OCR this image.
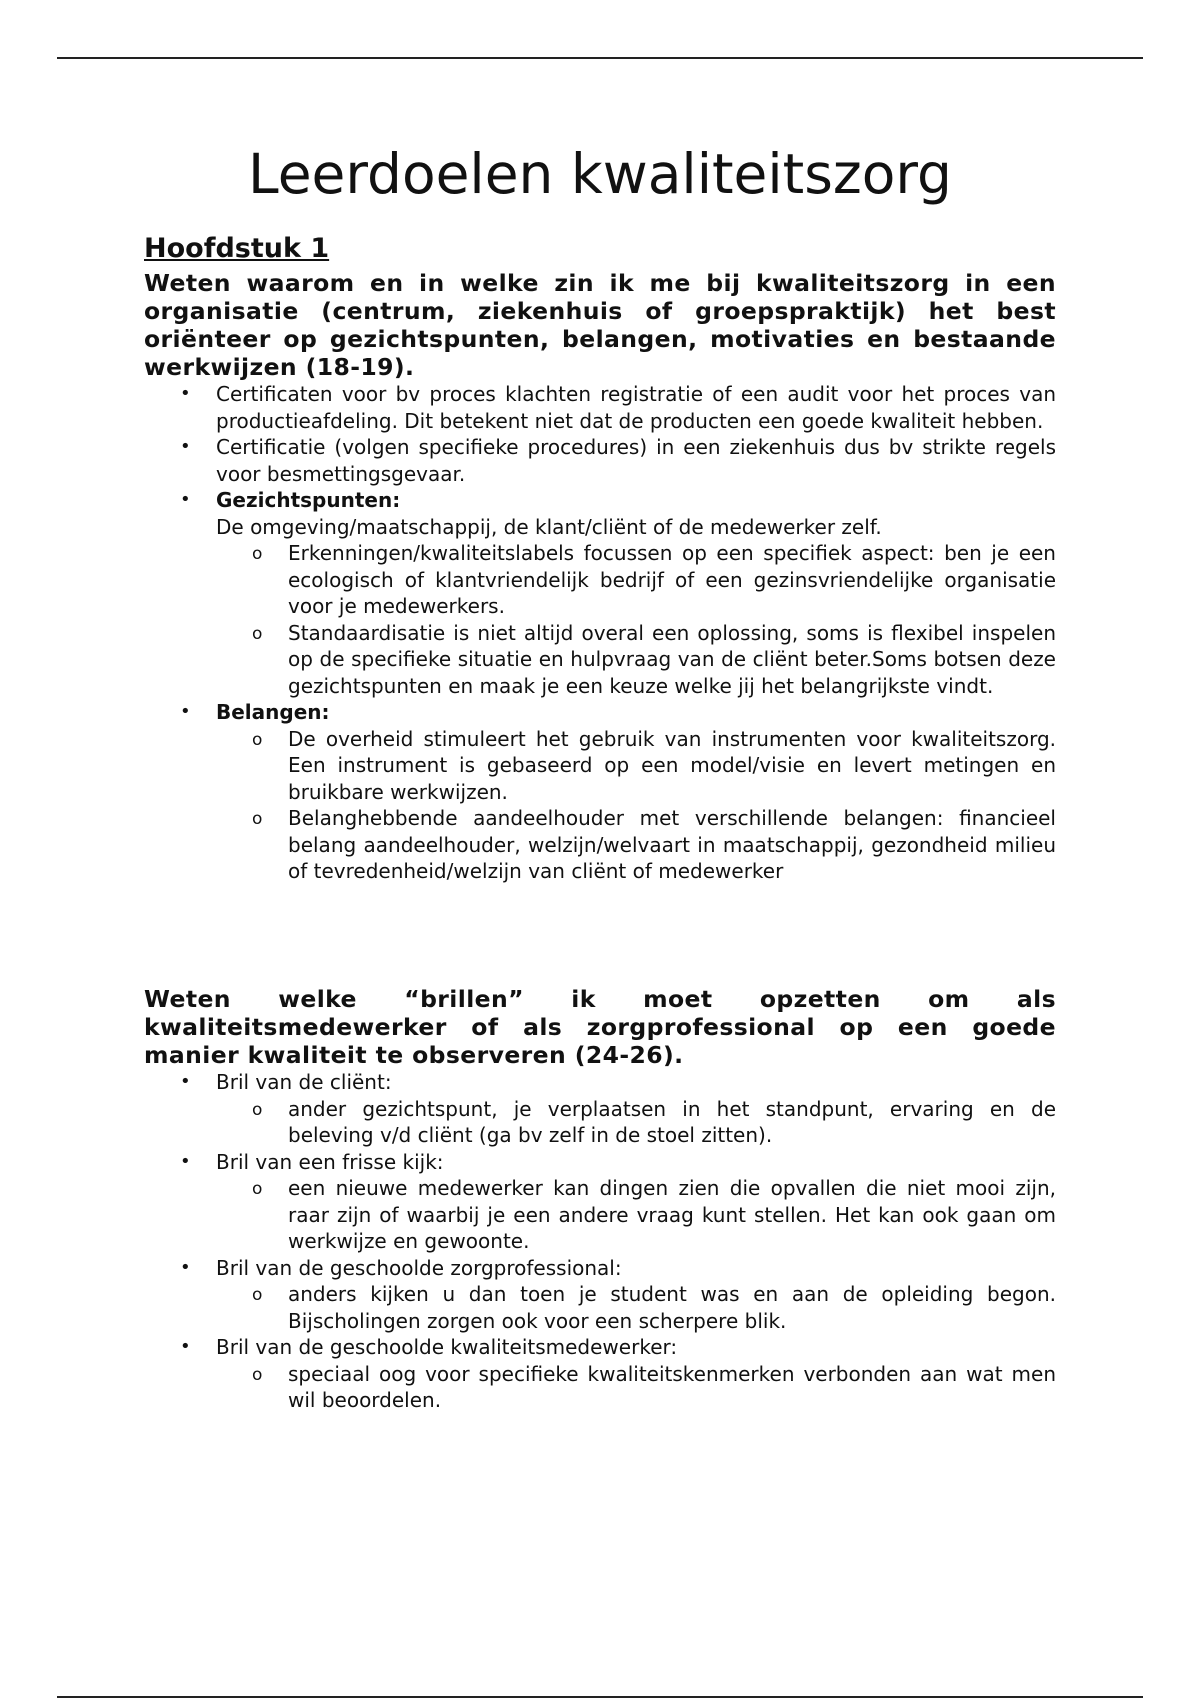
Leerdoelen kwaliteitszorg
Hoofdstuk 1

Weten waarom en in welke zin ik me bij kwaliteitszorg in een organisatie (centrum, ziekenhuis of groepspraktijk) het best oriënteer op gezichtspunten, belangen, motivaties en bestaande werkwijzen (18-19).

• Certificaten voor bv proces klachten registratie of een audit voor het proces van productieafdeling. Dit betekent niet dat de producten een goede kwaliteit hebben.
• Certificatie (volgen specifieke procedures) in een ziekenhuis dus bv strikte regels voor besmettingsgevaar.
• Gezichtspunten:
De omgeving/maatschappij, de klant/cliënt of de medewerker zelf.
o Erkenningen/kwaliteitslabels focussen op een specifiek aspect: ben je een ecologisch of klantvriendelijk bedrijf of een gezinsvriendelijke organisatie voor je medewerkers.
o Standaardisatie is niet altijd overal een oplossing, soms is flexibel inspelen op de specifieke situatie en hulpvraag van de cliënt beter.Soms botsen deze gezichtspunten en maak je een keuze welke jij het belangrijkste vindt.
• Belangen:
o De overheid stimuleert het gebruik van instrumenten voor kwaliteitszorg. Een instrument is gebaseerd op een model/visie en levert metingen en bruikbare werkwijzen.
o Belanghebbende aandeelhouder met verschillende belangen: financieel belang aandeelhouder, welzijn/welvaart in maatschappij, gezondheid milieu of tevredenheid/welzijn van cliënt of medewerker

Weten welke “brillen” ik moet opzetten om als kwaliteitsmedewerker of als zorgprofessional op een goede manier kwaliteit te observeren (24-26).

• Bril van de cliënt:
o ander gezichtspunt, je verplaatsen in het standpunt, ervaring en de beleving v/d cliënt (ga bv zelf in de stoel zitten).
• Bril van een frisse kijk:
o een nieuwe medewerker kan dingen zien die opvallen die niet mooi zijn, raar zijn of waarbij je een andere vraag kunt stellen. Het kan ook gaan om werkwijze en gewoonte.
• Bril van de geschoolde zorgprofessional:
o anders kijken u dan toen je student was en aan de opleiding begon. Bijscholingen zorgen ook voor een scherpere blik.
• Bril van de geschoolde kwaliteitsmedewerker:
o speciaal oog voor specifieke kwaliteitskenmerken verbonden aan wat men wil beoordelen.
